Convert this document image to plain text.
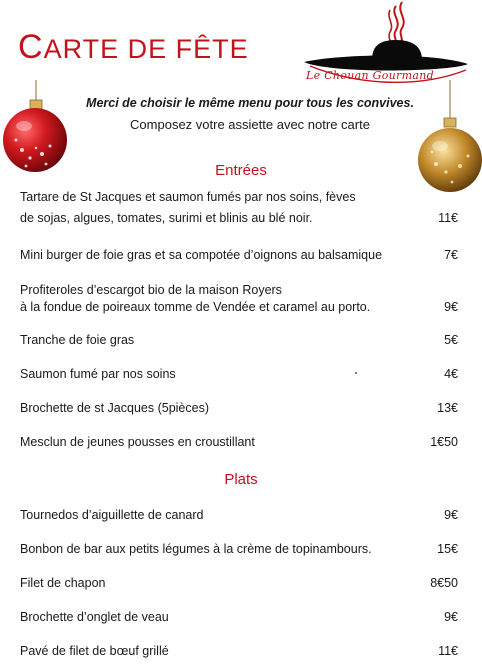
CARTE DE FÊTE
Le Chouan Gourmand
Merci de choisir le même menu pour tous les convives.
Composez votre assiette avec notre carte
Entrées
Tartare de St Jacques et saumon fumés par nos soins, fèves
de sojas, algues, tomates, surimi et blinis au blé noir.	11€
Mini burger de foie gras et sa compotée d’oignons au balsamique	7€
Profiteroles d’escargot bio de la maison Royers
à la fondue de poireaux tomme de Vendée et caramel au porto.	9€
Tranche de foie gras	5€
Saumon fumé par nos soins	4€
Brochette de st Jacques (5pièces)	13€
Mesclun de jeunes pousses en croustillant	1€50
Plats
Tournedos d’aiguillette de canard	9€
Bonbon de bar aux petits légumes à la crème de topinambours.	15€
Filet de chapon	8€50
Brochette d’onglet de veau	9€
Pavé de filet de bœuf grillé	11€
